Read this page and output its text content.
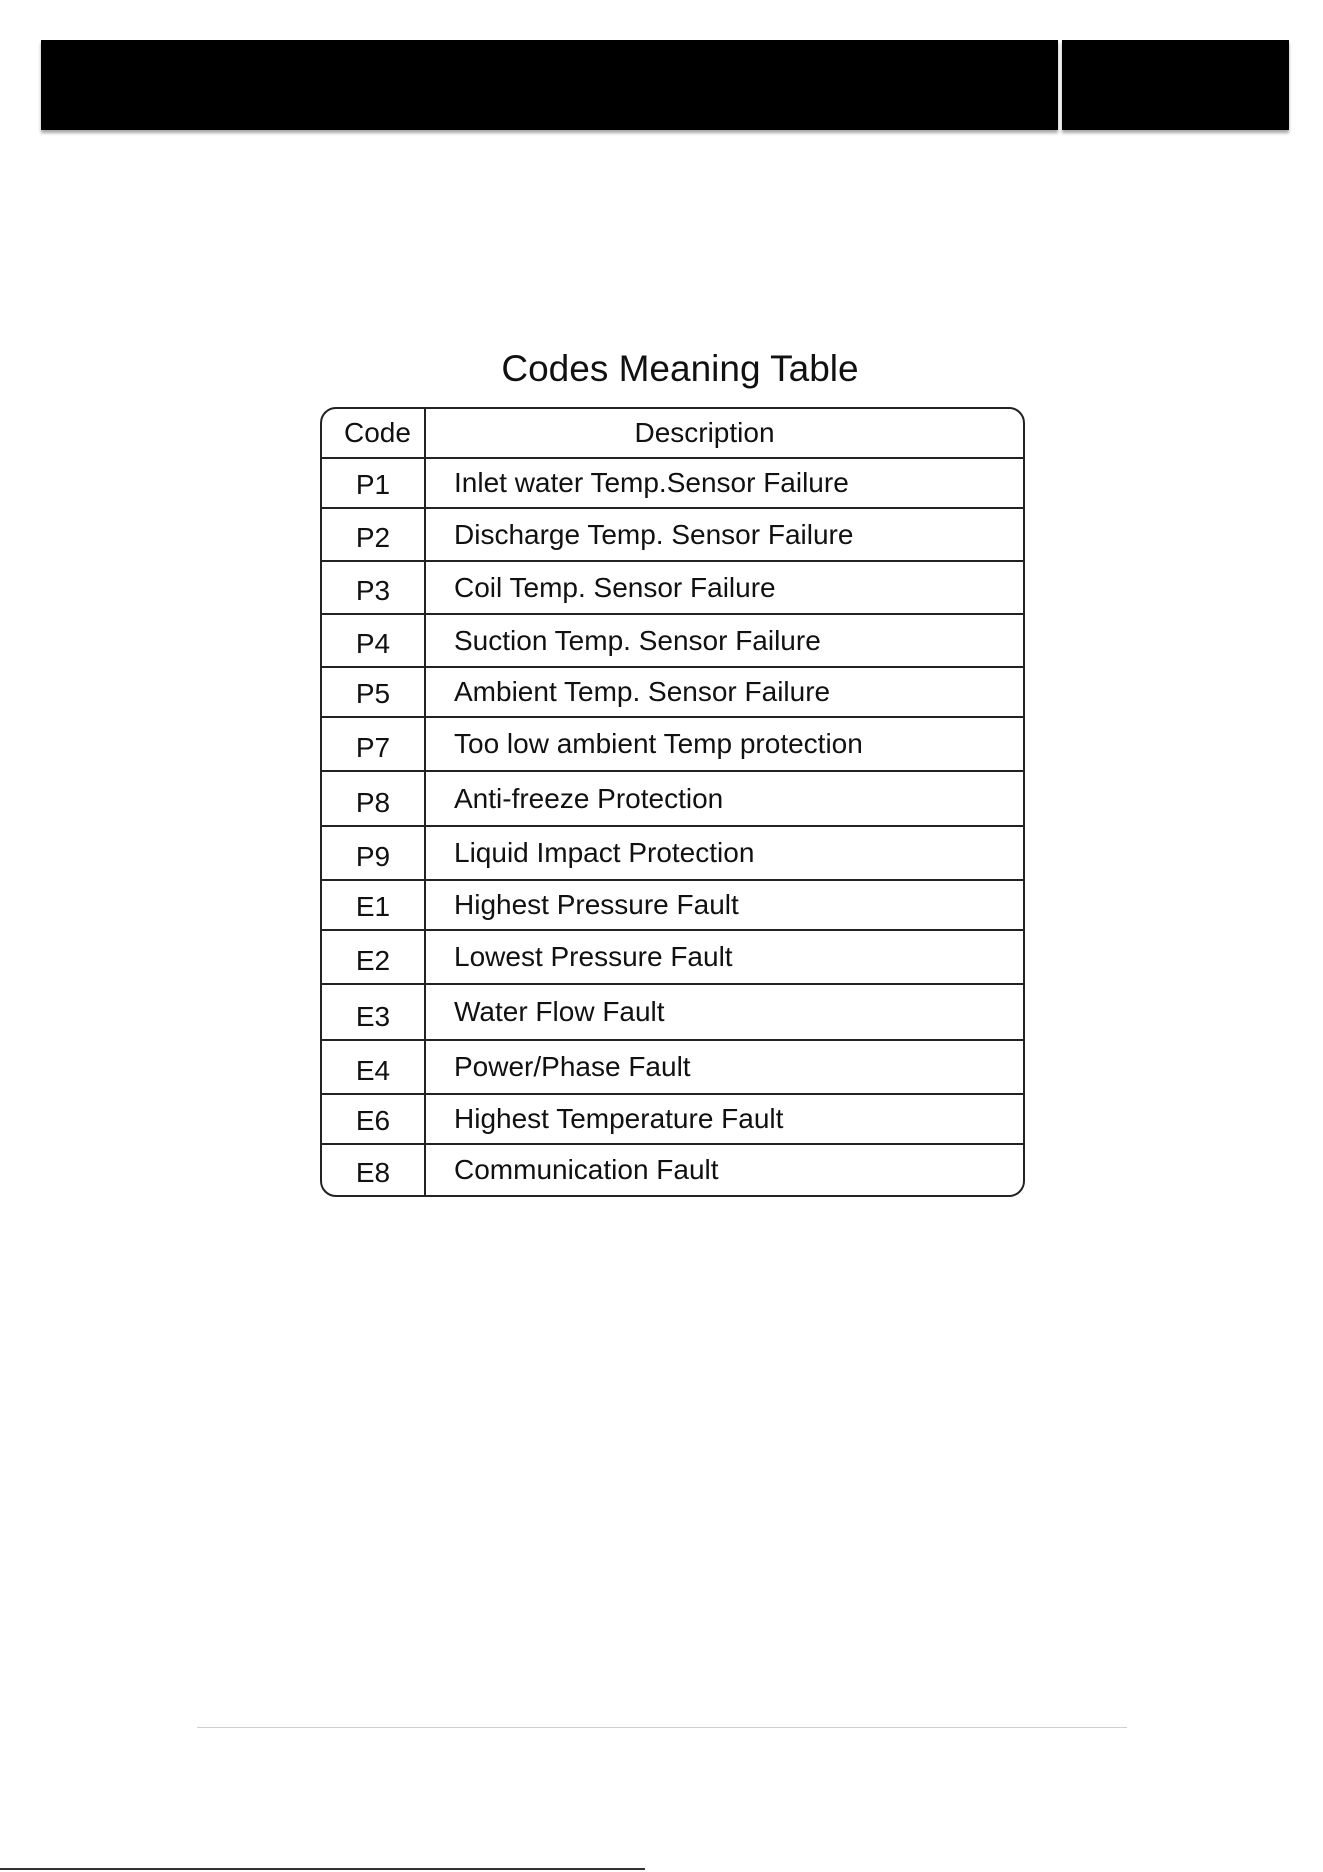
Codes Meaning Table
Code	Description
P1	Inlet water Temp.Sensor Failure
P2	Discharge Temp. Sensor Failure
P3	Coil Temp. Sensor Failure
P4	Suction Temp. Sensor Failure
P5	Ambient Temp. Sensor Failure
P7	Too low ambient Temp protection
P8	Anti-freeze Protection
P9	Liquid Impact Protection
E1	Highest Pressure Fault
E2	Lowest Pressure Fault
E3	Water Flow Fault
E4	Power/Phase Fault
E6	Highest Temperature Fault
E8	Communication Fault
